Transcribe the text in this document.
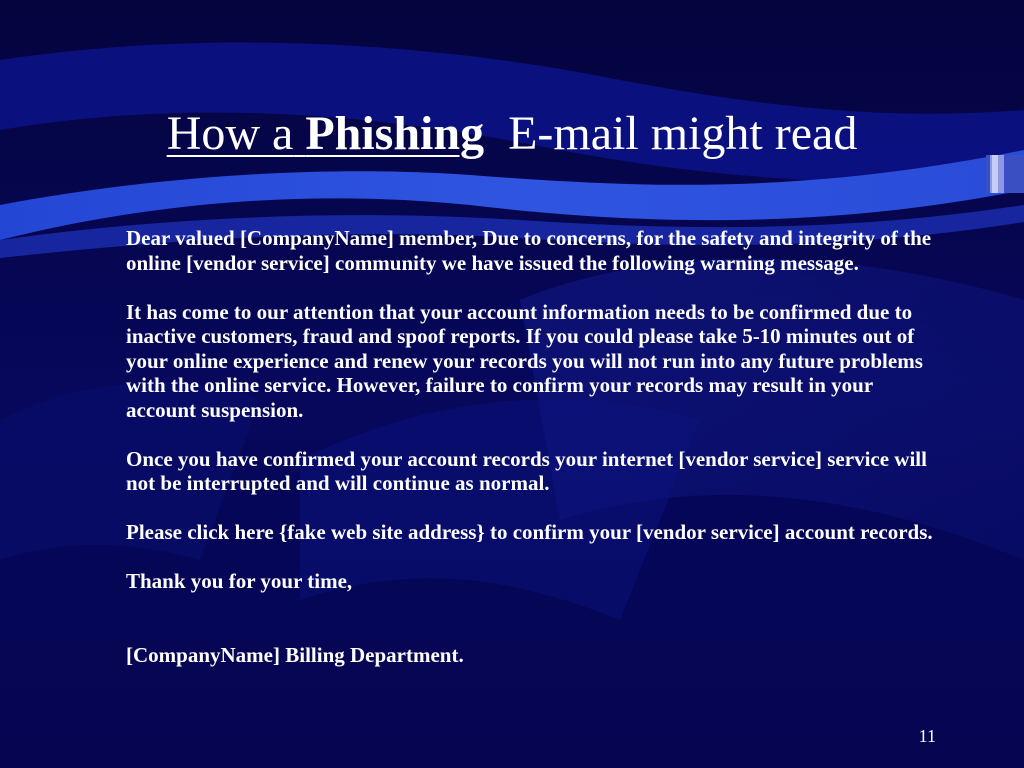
How a Phishing E-mail might read

Dear valued [CompanyName] member, Due to concerns, for the safety and integrity of the online [vendor service] community we have issued the following warning message.

It has come to our attention that your account information needs to be confirmed due to inactive customers, fraud and spoof reports. If you could please take 5-10 minutes out of your online experience and renew your records you will not run into any future problems with the online service. However, failure to confirm your records may result in your account suspension.

Once you have confirmed your account records your internet [vendor service] service will not be interrupted and will continue as normal.

Please click here {fake web site address} to confirm your [vendor service] account records.

Thank you for your time,

[CompanyName] Billing Department.

11
